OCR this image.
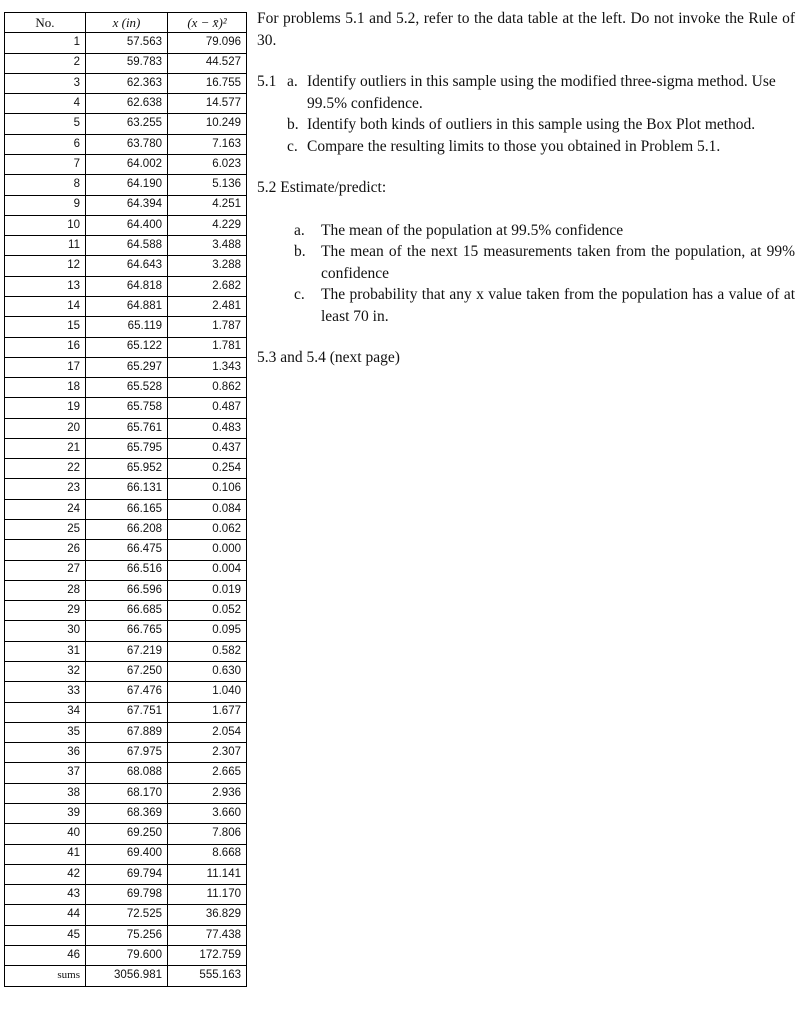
No.	x (in)	(x − x̄)²
1	57.563	79.096
2	59.783	44.527
3	62.363	16.755
4	62.638	14.577
5	63.255	10.249
6	63.780	7.163
7	64.002	6.023
8	64.190	5.136
9	64.394	4.251
10	64.400	4.229
11	64.588	3.488
12	64.643	3.288
13	64.818	2.682
14	64.881	2.481
15	65.119	1.787
16	65.122	1.781
17	65.297	1.343
18	65.528	0.862
19	65.758	0.487
20	65.761	0.483
21	65.795	0.437
22	65.952	0.254
23	66.131	0.106
24	66.165	0.084
25	66.208	0.062
26	66.475	0.000
27	66.516	0.004
28	66.596	0.019
29	66.685	0.052
30	66.765	0.095
31	67.219	0.582
32	67.250	0.630
33	67.476	1.040
34	67.751	1.677
35	67.889	2.054
36	67.975	2.307
37	68.088	2.665
38	68.170	2.936
39	68.369	3.660
40	69.250	7.806
41	69.400	8.668
42	69.794	11.141
43	69.798	11.170
44	72.525	36.829
45	75.256	77.438
46	79.600	172.759
sums	3056.981	555.163

For problems 5.1 and 5.2, refer to the data table at the left. Do not invoke the Rule of 30.

5.1 a. Identify outliers in this sample using the modified three-sigma method. Use 99.5% confidence.
b. Identify both kinds of outliers in this sample using the Box Plot method.
c. Compare the resulting limits to those you obtained in Problem 5.1.

5.2 Estimate/predict:

a. The mean of the population at 99.5% confidence
b. The mean of the next 15 measurements taken from the population, at 99% confidence
c. The probability that any x value taken from the population has a value of at least 70 in.

5.3 and 5.4 (next page)
